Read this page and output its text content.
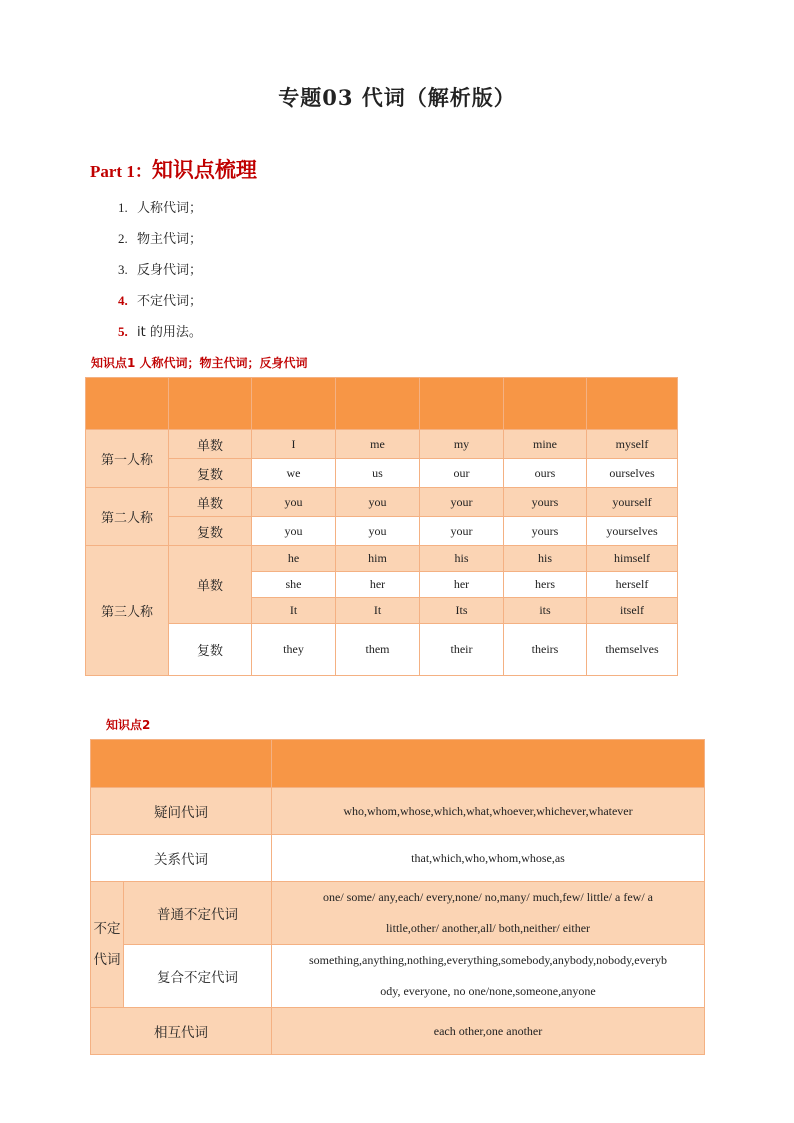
专题03 代词（解析版）
Part 1：知识点梳理
1. 人称代词；
2. 物主代词；
3. 反身代词；
4. 不定代词；
5. it 的用法。
知识点1 人称代词；物主代词；反身代词

第一人称	单数	I	me	my	mine	myself
	复数	we	us	our	ours	ourselves
第二人称	单数	you	you	your	yours	yourself
	复数	you	you	your	yours	yourselves
第三人称	单数	he	him	his	his	himself
		she	her	her	hers	herself
		It	It	Its	its	itself
	复数	they	them	their	theirs	themselves
知识点2

疑问代词		who,whom,whose,which,what,whoever,whichever,whatever
关系代词		that,which,who,whom,whose,as
不定
代词	普通不定代词	one/ some/ any,each/ every,none/ no,many/ much,few/ little/ a few/ a
little,other/ another,all/ both,neither/ either
	复合不定代词	something,anything,nothing,everything,somebody,anybody,nobody,everyb
ody, everyone, no one/none,someone,anyone
相互代词		each other,one another
